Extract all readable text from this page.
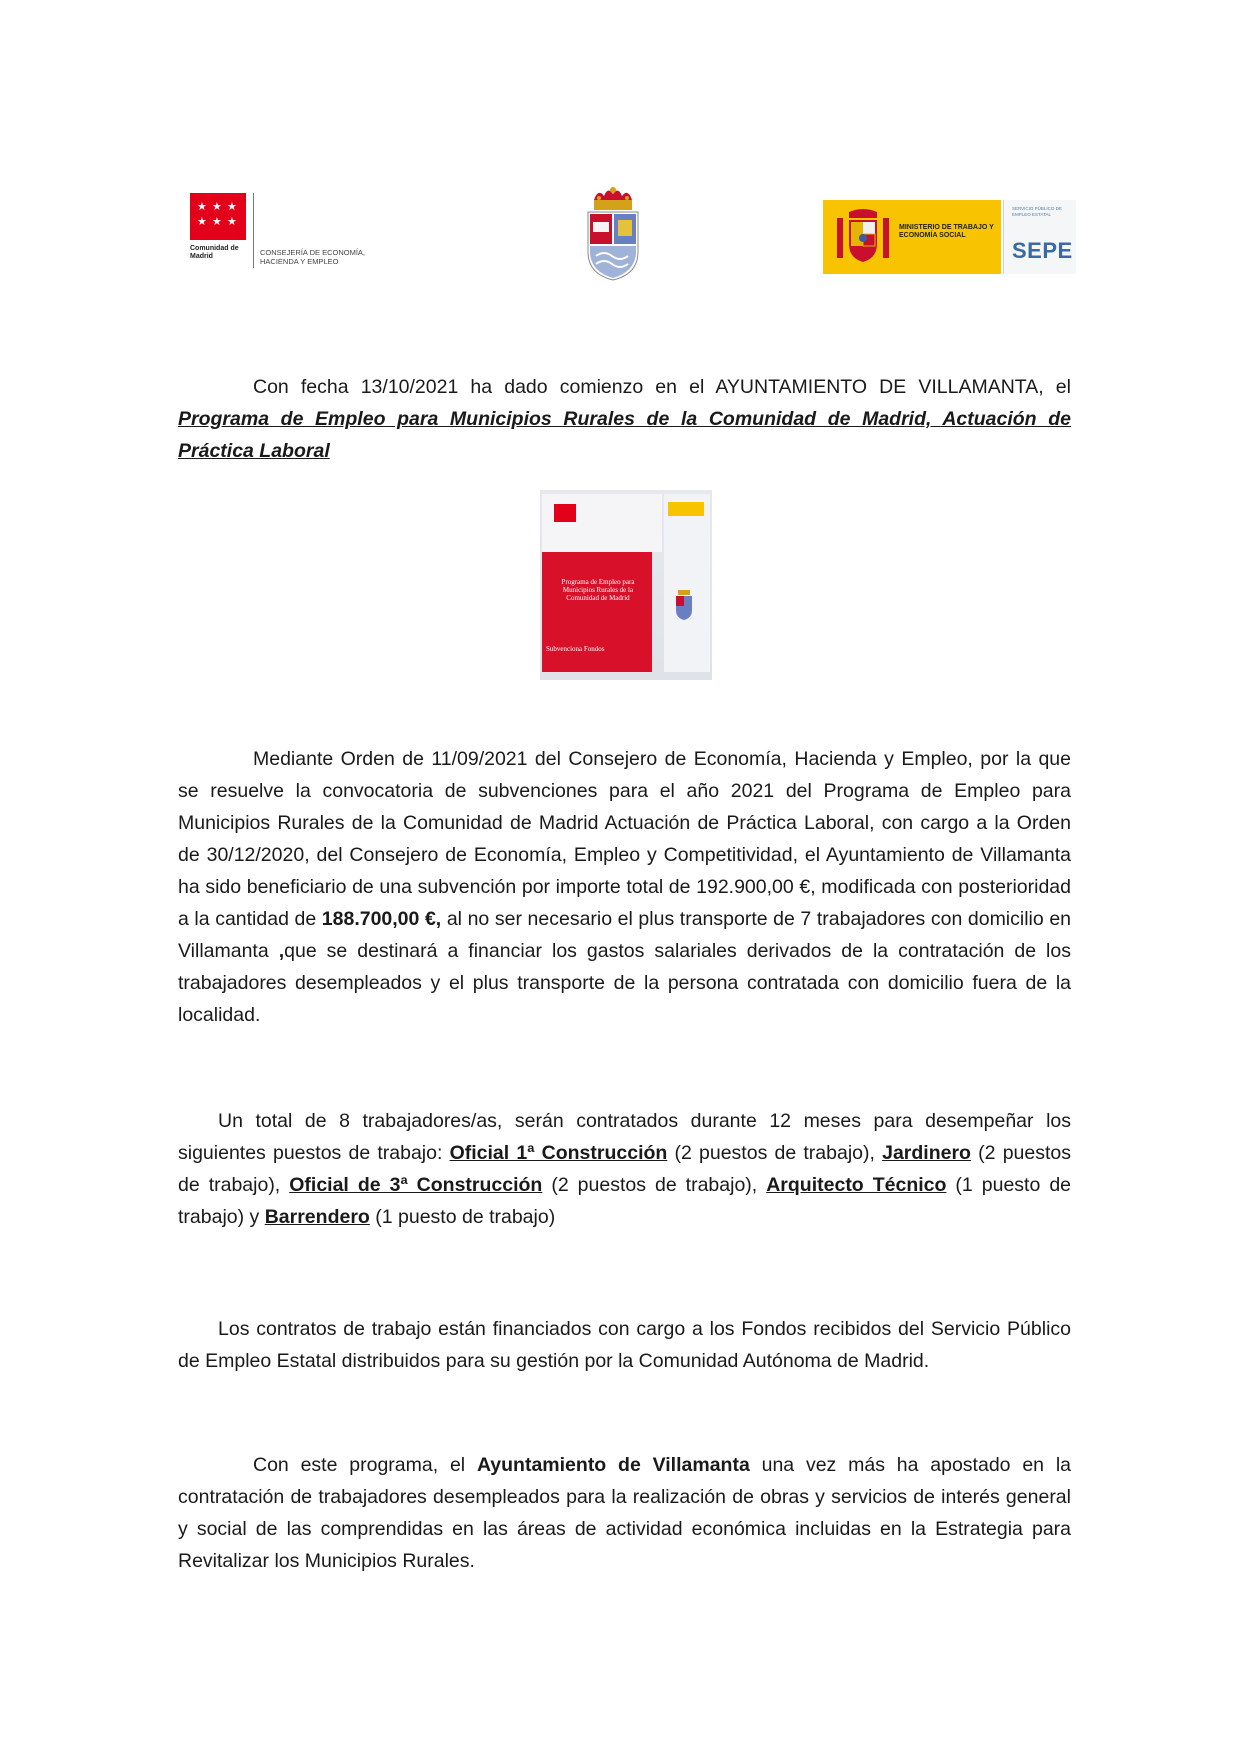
★ ★ ★
★ ★ ★
Comunidad de Madrid	CONSEJERÍA DE ECONOMÍA, HACIENDA Y EMPLEO
MINISTERIO DE TRABAJO Y ECONOMÍA SOCIAL
SERVICIO PÚBLICO DE EMPLEO ESTATAL
SEPE
Con fecha 13/10/2021 ha dado comienzo en el AYUNTAMIENTO DE VILLAMANTA, el Programa de Empleo para Municipios Rurales de la Comunidad de Madrid, Actuación de Práctica Laboral
Programa de Empleo para Municipios Rurales de la Comunidad de Madrid
Subvenciona Fondos
Mediante Orden de 11/09/2021 del Consejero de Economía, Hacienda y Empleo, por la que se resuelve la convocatoria de subvenciones para el año 2021 del Programa de Empleo para Municipios Rurales de la Comunidad de Madrid Actuación de Práctica Laboral, con cargo a la Orden de 30/12/2020, del Consejero de Economía, Empleo y Competitividad, el Ayuntamiento de Villamanta ha sido beneficiario de una subvención por importe total de 192.900,00 €, modificada con posterioridad a la cantidad de 188.700,00 €, al no ser necesario el plus transporte de 7 trabajadores con domicilio en Villamanta ,que se destinará a financiar los gastos salariales derivados de la contratación de los trabajadores desempleados y el plus transporte de la persona contratada con domicilio fuera de la localidad.
Un total de 8 trabajadores/as, serán contratados durante 12 meses para desempeñar los siguientes puestos de trabajo: Oficial 1ª Construcción (2 puestos de trabajo), Jardinero (2 puestos de trabajo), Oficial de 3ª Construcción (2 puestos de trabajo), Arquitecto Técnico (1 puesto de trabajo) y Barrendero (1 puesto de trabajo)
Los contratos de trabajo están financiados con cargo a los Fondos recibidos del Servicio Público de Empleo Estatal distribuidos para su gestión por la Comunidad Autónoma de Madrid.
Con este programa, el Ayuntamiento de Villamanta una vez más ha apostado en la contratación de trabajadores desempleados para la realización de obras y servicios de interés general y social de las comprendidas en las áreas de actividad económica incluidas en la Estrategia para Revitalizar los Municipios Rurales.
